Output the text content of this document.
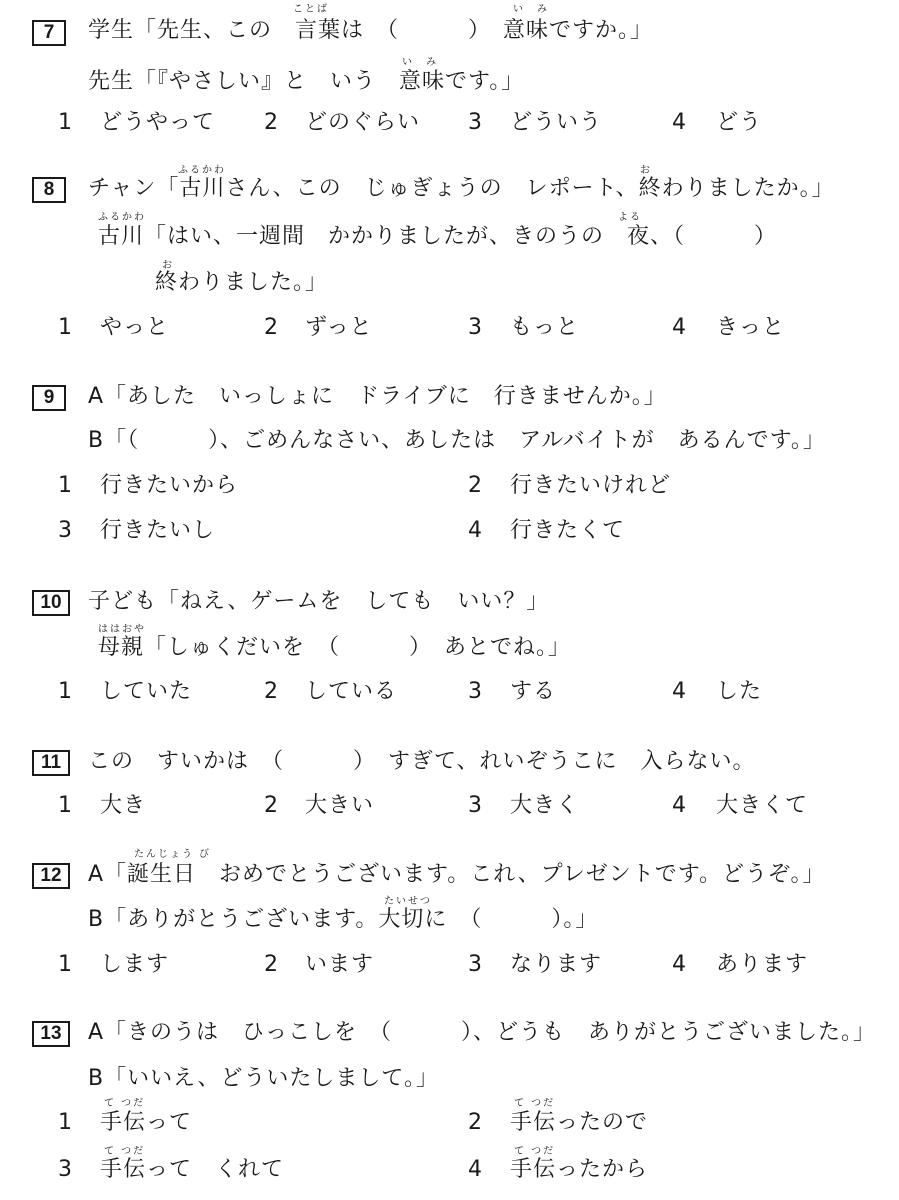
7
ことば	い　み
学生「先生、この　言葉は　（　　　）　意味ですか。」
い　み
先生「『やさしい』と　いう　意味です。」
1 どうやって 2 どのぐらい 3 どういう	4 どう
8
ふるかわ	お
チャン「古川さん、この　じゅぎょうの　レポート、終わりましたか。」
ふるかわ	よる
古川「はい、一週間　かかりましたが、きのうの　夜、（　　　）
お
終わりました。」
1 やっと	2 ずっと	3 もっと	4 きっと
9	A「あした　いっしょに　ドライブに　行きませんか。」
B「（　　　）、ごめんなさい、あしたは　アルバイトが　あるんです。」
1 行きたいから	2 行きたいけれど
3 行きたいし	4 行きたくて
10	子ども「ねえ、ゲームを　しても　いい？」
ははおや
母親「しゅくだいを　（　　　）　あとでね。」
1 していた	2 している	3 する	4 した
11	この　すいかは　（　　　）　すぎて、れいぞうこに　入らない。
1 大き	2 大きい	3 大きく	4 大きくて
12
たんじょう び
A「誕生日　おめでとうございます。これ、プレゼントです。どうぞ。」
たいせつ
B「ありがとうございます。大切に　（　　　）。」
1 します	2 います	3 なります	4 あります
13	A「きのうは　ひっこしを　（　　　）、どうも　ありがとうございました。」
B「いいえ、どういたしまして。」
て つだ
1 手伝って
て つだ
2 手伝ったので
て つだ
3 手伝って　くれて
て つだ
4 手伝ったから
